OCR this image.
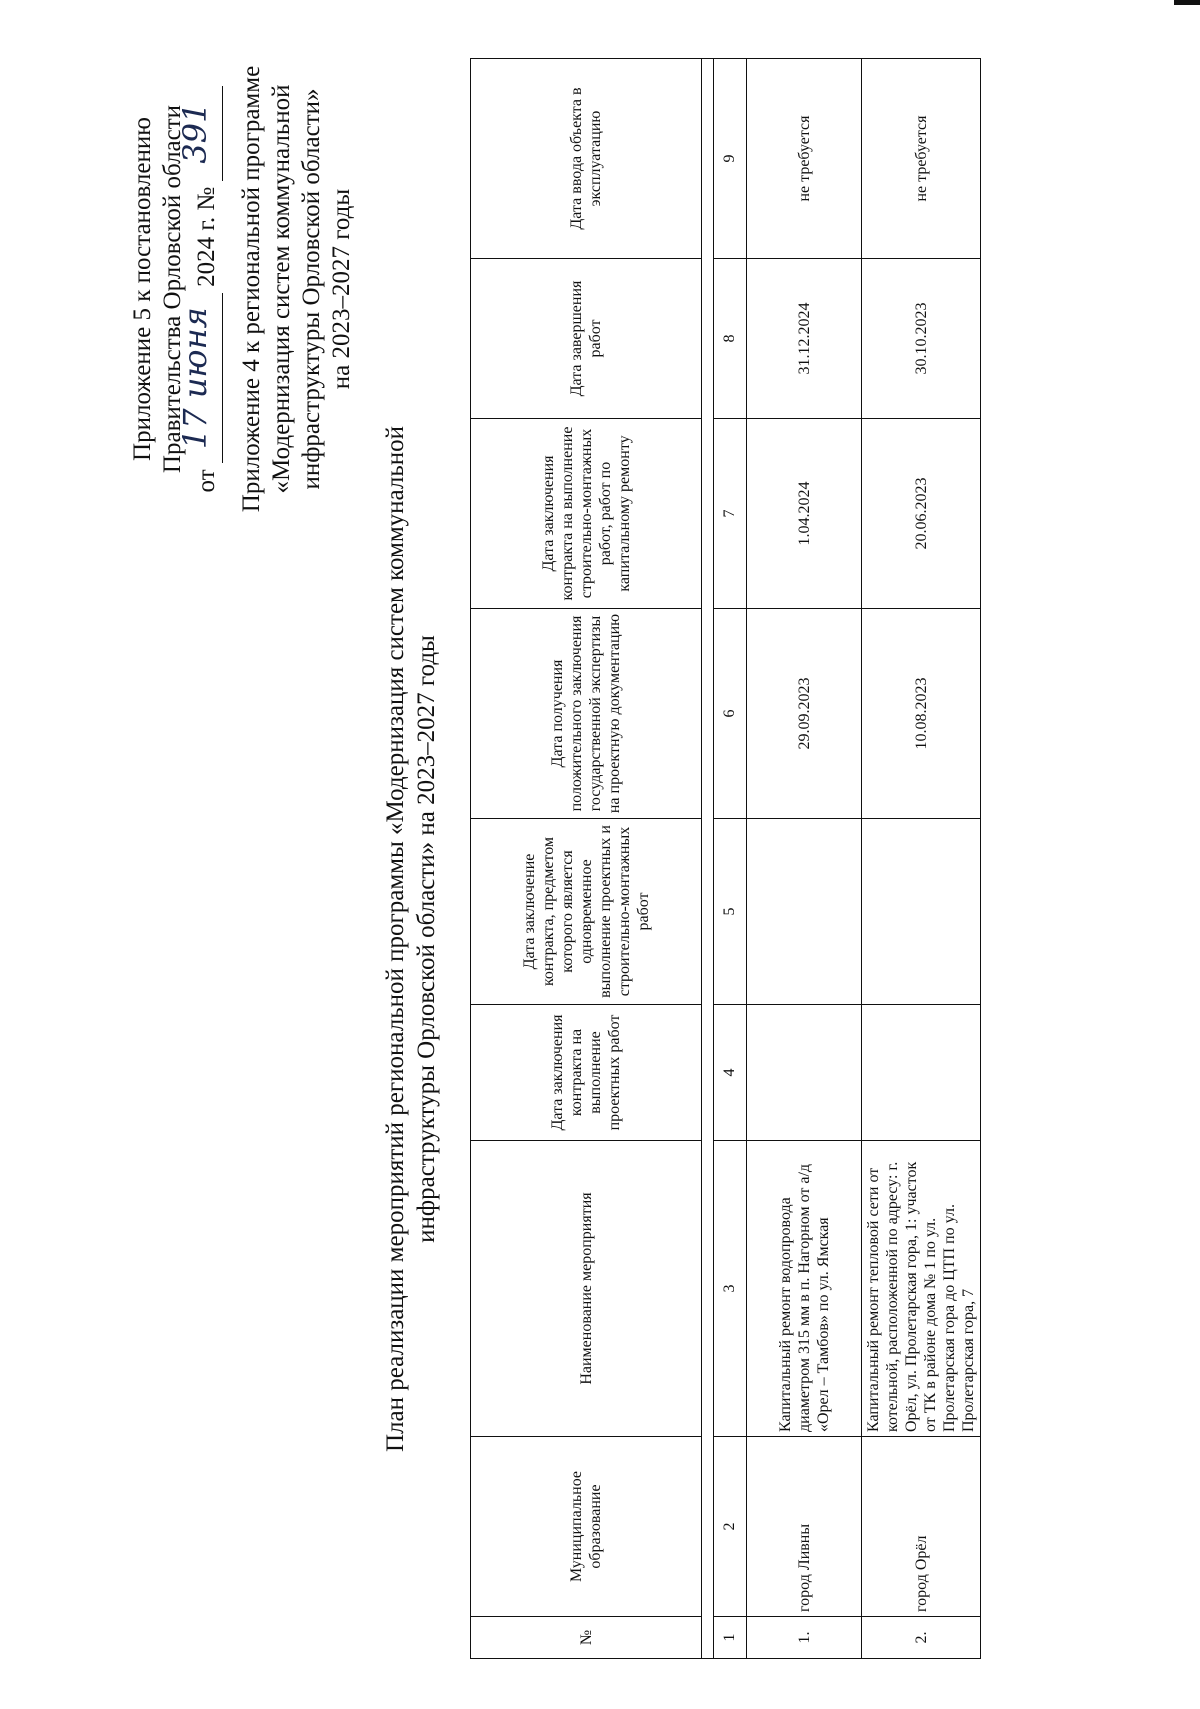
Приложение 5 к постановлению Правительства Орловской области
от 17 июня 2024 г. № 391 Приложение 4 к региональной программе «Модернизация систем коммунальной инфраструктуры Орловской области» на 2023–2027 годы
План реализации мероприятий региональной программы «Модернизация систем коммунальной инфраструктуры Орловской области» на 2023–2027 годы
№	Муниципальное образование	Наименование мероприятия	Дата заключения контракта на выполнение проектных работ	Дата заключение контракта, предметом которого является одновременное выполнение проектных и строительно-монтажных работ	Дата получения положительного заключения государственной экспертизы на проектную документацию	Дата заключения контракта на выполнение строительно-монтажных работ, работ по капитальному ремонту	Дата завершения работ	Дата ввода объекта в эксплуатацию

1	2	3	4	5	6	7	8	9
1.	город Ливны	Капитальный ремонт водопровода диаметром 315 мм в п. Нагорном от а/д «Орел – Тамбов» по ул. Ямская			29.09.2023	1.04.2024	31.12.2024	не требуется
2.	город Орёл	Капитальный ремонт тепловой сети от котельной, расположенной по адресу: г. Орёл, ул. Пролетарская гора, 1: участок от ТК в районе дома № 1 по ул. Пролетарская гора до ЦТП по ул. Пролетарская гора, 7			10.08.2023	20.06.2023	30.10.2023	не требуется
